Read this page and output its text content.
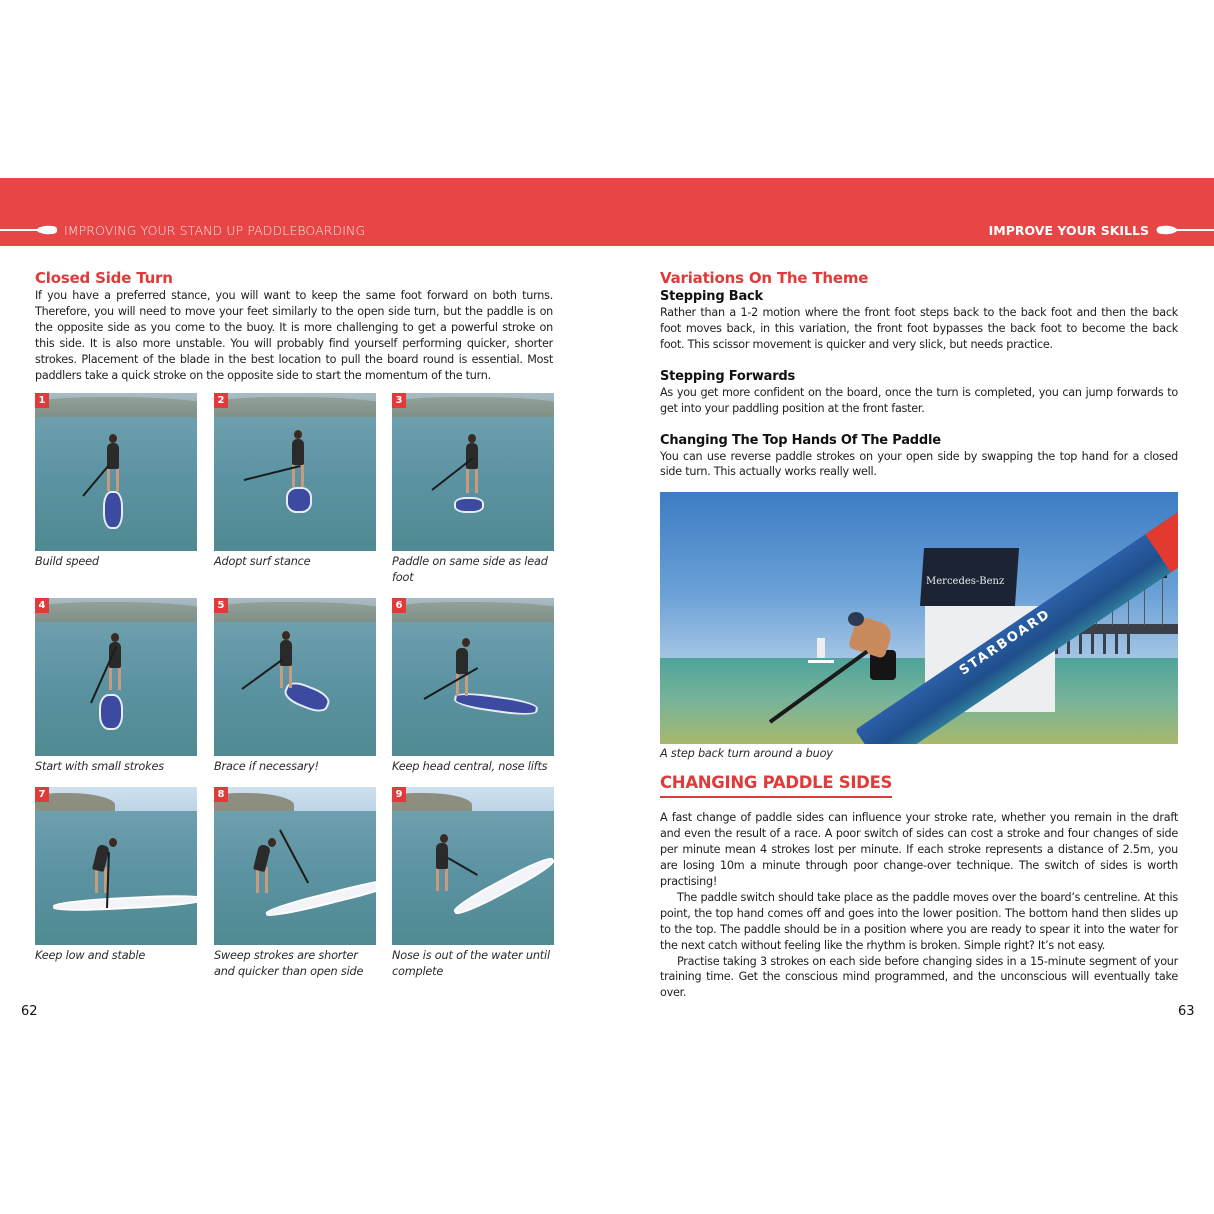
IMPROVING YOUR STAND UP PADDLEBOARDING	IMPROVE YOUR SKILLS
Closed Side Turn

If you have a preferred stance, you will want to keep the same foot forward on both turns. Therefore, you will need to move your feet similarly to the open side turn, but the paddle is on the opposite side as you come to the buoy. It is more challenging to get a powerful stroke on this side. It is also more unstable. You will probably find yourself performing quicker, shorter strokes. Placement of the blade in the best location to pull the board round is essential. Most paddlers take a quick stroke on the opposite side to start the momentum of the turn.

1
Build speed
2
Adopt surf stance
3
Paddle on same side as lead foot
4
Start with small strokes
5
Brace if necessary!
6
Keep head central, nose lifts
7
Keep low and stable
8
Sweep strokes are shorter and quicker than open side
9
Nose is out of the water until complete
62
Variations On The Theme
Stepping Back

Rather than a 1-2 motion where the front foot steps back to the back foot and then the back foot moves back, in this variation, the front foot bypasses the back foot to become the back foot. This scissor movement is quicker and very slick, but needs practice.

Stepping Forwards

As you get more confident on the board, once the turn is completed, you can jump forwards to get into your paddling position at the front faster.

Changing The Top Hands Of The Paddle

You can use reverse paddle strokes on your open side by swapping the top hand for a closed side turn. This actually works really well.

Mercedes-Benz
STARBOARD
A step back turn around a buoy
CHANGING PADDLE SIDES

A fast change of paddle sides can influence your stroke rate, whether you remain in the draft and even the result of a race. A poor switch of sides can cost a stroke and four changes of side per minute mean 4 strokes lost per minute. If each stroke represents a distance of 2.5m, you are losing 10m a minute through poor change-over technique. The switch of sides is worth practising!

The paddle switch should take place as the paddle moves over the board’s centreline. At this point, the top hand comes off and goes into the lower position. The bottom hand then slides up to the top. The paddle should be in a position where you are ready to spear it into the water for the next catch without feeling like the rhythm is broken. Simple right? It’s not easy.

Practise taking 3 strokes on each side before changing sides in a 15-minute segment of your training time. Get the conscious mind programmed, and the unconscious will eventually take over.

63
